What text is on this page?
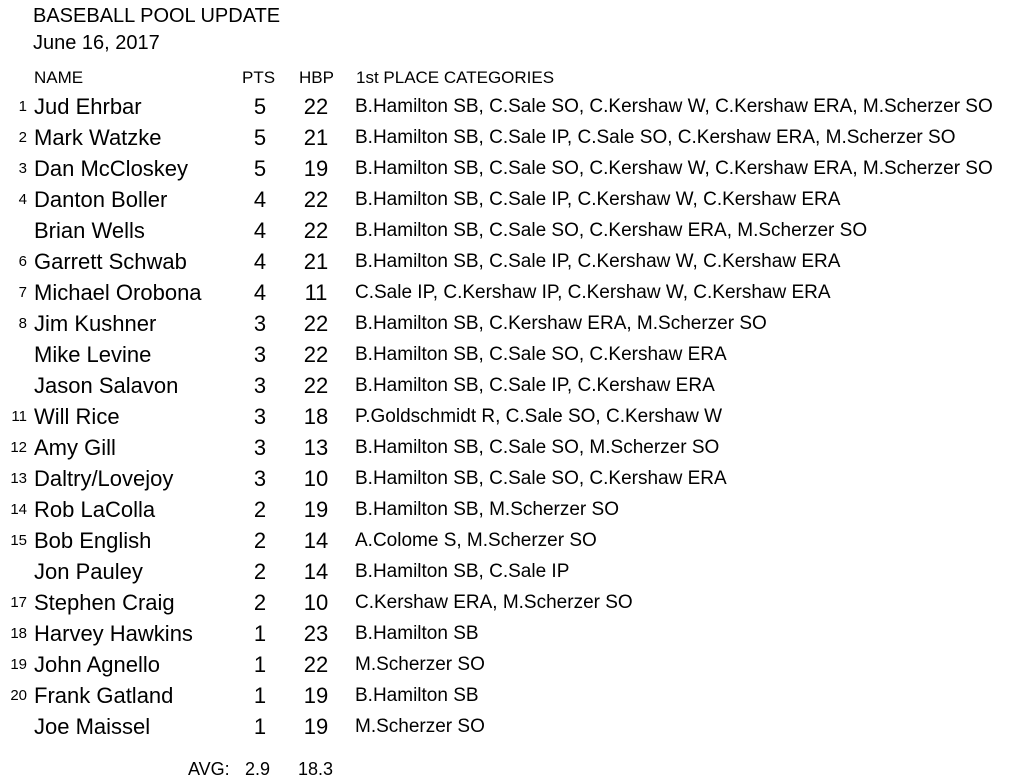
BASEBALL POOL UPDATE
June 16, 2017
NAME	PTS HBP 1st PLACE CATEGORIES
1 Jud Ehrbar	5	22	B.Hamilton SB, C.Sale SO, C.Kershaw W, C.Kershaw ERA, M.Scherzer SO
2 Mark Watzke	5	21	B.Hamilton SB, C.Sale IP, C.Sale SO, C.Kershaw ERA, M.Scherzer SO
3 Dan McCloskey	5	19	B.Hamilton SB, C.Sale SO, C.Kershaw W, C.Kershaw ERA, M.Scherzer SO
4 Danton Boller	4	22	B.Hamilton SB, C.Sale IP, C.Kershaw W, C.Kershaw ERA
Brian Wells	4	22	B.Hamilton SB, C.Sale SO, C.Kershaw ERA, M.Scherzer SO
6 Garrett Schwab	4	21	B.Hamilton SB, C.Sale IP, C.Kershaw W, C.Kershaw ERA
7 Michael Orobona	4	11	C.Sale IP, C.Kershaw IP, C.Kershaw W, C.Kershaw ERA
8 Jim Kushner	3	22	B.Hamilton SB, C.Kershaw ERA, M.Scherzer SO
Mike Levine	3	22	B.Hamilton SB, C.Sale SO, C.Kershaw ERA
Jason Salavon	3	22	B.Hamilton SB, C.Sale IP, C.Kershaw ERA
11 Will Rice	3	18	P.Goldschmidt R, C.Sale SO, C.Kershaw W
12 Amy Gill	3	13	B.Hamilton SB, C.Sale SO, M.Scherzer SO
13 Daltry/Lovejoy	3	10	B.Hamilton SB, C.Sale SO, C.Kershaw ERA
14 Rob LaColla	2	19	B.Hamilton SB, M.Scherzer SO
15 Bob English	2	14	A.Colome S, M.Scherzer SO
Jon Pauley	2	14	B.Hamilton SB, C.Sale IP
17 Stephen Craig	2	10	C.Kershaw ERA, M.Scherzer SO
18 Harvey Hawkins	1	23	B.Hamilton SB
19 John Agnello	1	22	M.Scherzer SO
20 Frank Gatland	1	19	B.Hamilton SB
Joe Maissel	1	19	M.Scherzer SO
AVG: 2.9 18.3
